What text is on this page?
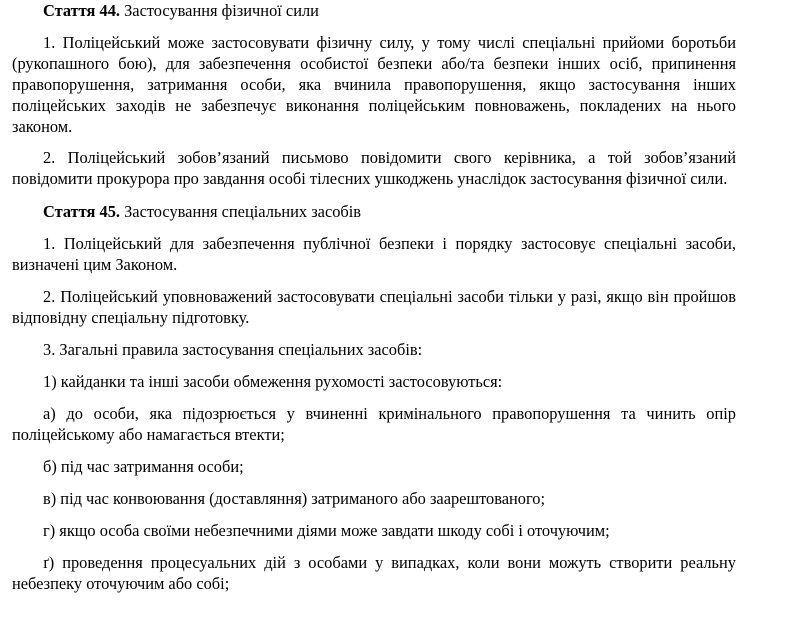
Стаття 44. Застосування фізичної сили

1. Поліцейський може застосовувати фізичну силу, у тому числі спеціальні прийоми боротьби (рукопашного бою), для забезпечення особистої безпеки або/та безпеки інших осіб, припинення правопорушення, затримання особи, яка вчинила правопорушення, якщо застосування інших поліцейських заходів не забезпечує виконання поліцейським повноважень, покладених на нього законом.

2. Поліцейський зобов’язаний письмово повідомити свого керівника, а той зобов’язаний повідомити прокурора про завдання особі тілесних ушкоджень унаслідок застосування фізичної сили.

Стаття 45. Застосування спеціальних засобів

1. Поліцейський для забезпечення публічної безпеки і порядку застосовує спеціальні засоби, визначені цим Законом.

2. Поліцейський уповноважений застосовувати спеціальні засоби тільки у разі, якщо він пройшов відповідну спеціальну підготовку.

3. Загальні правила застосування спеціальних засобів:

1) кайданки та інші засоби обмеження рухомості застосовуються:

а) до особи, яка підозрюється у вчиненні кримінального правопорушення та чинить опір поліцейському або намагається втекти;

б) під час затримання особи;

в) під час конвоювання (доставляння) затриманого або заарештованого;

г) якщо особа своїми небезпечними діями може завдати шкоду собі і оточуючим;

ґ) проведення процесуальних дій з особами у випадках, коли вони можуть створити реальну небезпеку оточуючим або собі;
